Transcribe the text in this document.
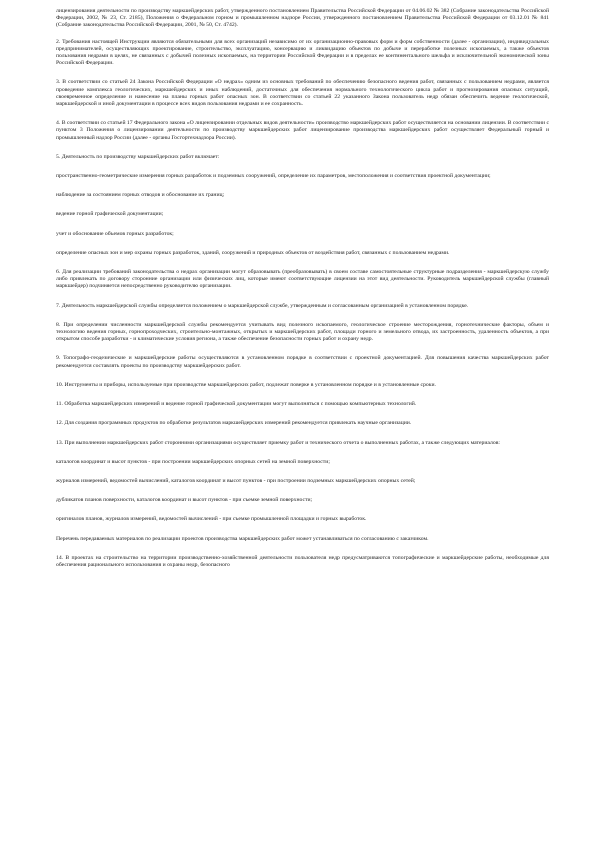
лицензирования деятельности по производству маркшейдерских работ, утвержденного постановлением Правительства Российской Федерации от 04.06.02 № 382 (Собрание законодательства Российской Федерации, 2002, № 23, Ст. 2185), Положения о Федеральном горном и промышленном надзоре России, утвержденного постановлением Правительства Российской Федерации от 03.12.01 № 841 (Собрание законодательства Российской Федерации, 2001, № 50, Ст. 4742).

2. Требования настоящей Инструкции являются обязательными для всех организаций независимо от их организационно-правовых форм и форм собственности (далее - организации), индивидуальных предпринимателей, осуществляющих проектирование, строительство, эксплуатацию, консервацию и ликвидацию объектов по добыче и переработке полезных ископаемых, а также объектов пользования недрами в целях, не связанных с добычей полезных ископаемых, на территории Российской Федерации и в пределах ее континентального шельфа и исключительной экономической зоны Российской Федерации.

3. В соответствии со статьей 24 Закона Российской Федерации «О недрах» одним из основных требований по обеспечению безопасного ведения работ, связанных с пользованием недрами, является проведение комплекса геологических, маркшейдерских и иных наблюдений, достаточных для обеспечения нормального технологического цикла работ и прогнозирования опасных ситуаций, своевременное определение и нанесение на планы горных работ опасных зон. В соответствии со статьей 22 указанного Закона пользователь недр обязан обеспечить ведение геологической, маркшейдерской и иной документации в процессе всех видов пользования недрами и ее сохранность.

4. В соответствии со статьей 17 Федерального закона «О лицензировании отдельных видов деятельности» производство маркшейдерских работ осуществляется на основании лицензии. В соответствии с пунктом 3 Положения о лицензировании деятельности по производству маркшейдерских работ лицензирование производства маркшейдерских работ осуществляет Федеральный горный и промышленный надзор России (далее - органы Госгортехнадзора России).

5. Деятельность по производству маркшейдерских работ включает:

пространственно-геометрические измерения горных разработок и подземных сооружений, определение их параметров, местоположения и соответствия проектной документации;

наблюдение за состоянием горных отводов и обоснование их границ;

ведение горной графической документации;

учет и обоснование объемов горных разработок;

определение опасных зон и мер охраны горных разработок, зданий, сооружений и природных объектов от воздействия работ, связанных с пользованием недрами.

6. Для реализации требований законодательства о недрах организации могут образовывать (преобразовывать) в своем составе самостоятельные структурные подразделения - маркшейдерскую службу либо привлекать по договору сторонние организации или физических лиц, которые имеют соответствующие лицензии на этот вид деятельности. Руководитель маркшейдерской службы (главный маркшейдер) подчиняется непосредственно руководителю организации.

7. Деятельность маркшейдерской службы определяется положением о маркшейдерской службе, утвержденным и согласованным организацией в установленном порядке.

8. При определении численности маркшейдерской службы рекомендуется учитывать вид полезного ископаемого, геологическое строение месторождения, горнотехнические факторы, объем и технологию ведения горных, горнопроходческих, строительно-монтажных, открытых и маркшейдерских работ, площади горного и земельного отвода, их застроенность, удаленность объектов, а при открытом способе разработки - и климатические условия региона, а также обеспечение безопасности горных работ и охрану недр.

9. Топографо-геодезические и маркшейдерские работы осуществляются в установленном порядке в соответствии с проектной документацией. Для повышения качества маркшейдерских работ рекомендуется составлять проекты по производству маркшейдерских работ.

10. Инструменты и приборы, используемые при производстве маркшейдерских работ, подлежат поверке в установленном порядке и в установленные сроки.

11. Обработка маркшейдерских измерений и ведение горной графической документации могут выполняться с помощью компьютерных технологий.

12. Для создания программных продуктов по обработке результатов маркшейдерских измерений рекомендуется привлекать научные организации.

13. При выполнении маркшейдерских работ сторонними организациями осуществляет приемку работ и технического отчета о выполненных работах, а также следующих материалов:

каталогов координат и высот пунктов - при построении маркшейдерских опорных сетей на земной поверхности;

журналов измерений, ведомостей вычислений, каталогов координат и высот пунктов - при построении подземных маркшейдерских опорных сетей;

дубликатов планов поверхности, каталогов координат и высот пунктов - при съемке земной поверхности;

оригиналов планов, журналов измерений, ведомостей вычислений - при съемке промышленной площадки и горных выработок.

Перечень передаваемых материалов по реализации проектов производства маркшейдерских работ может устанавливаться по согласованию с заказчиком.

14. В проектах на строительство на территории производственно-хозяйственной деятельности пользователя недр предусматриваются топографические и маркшейдерские работы, необходимые для обеспечения рационального использования и охраны недр, безопасного
